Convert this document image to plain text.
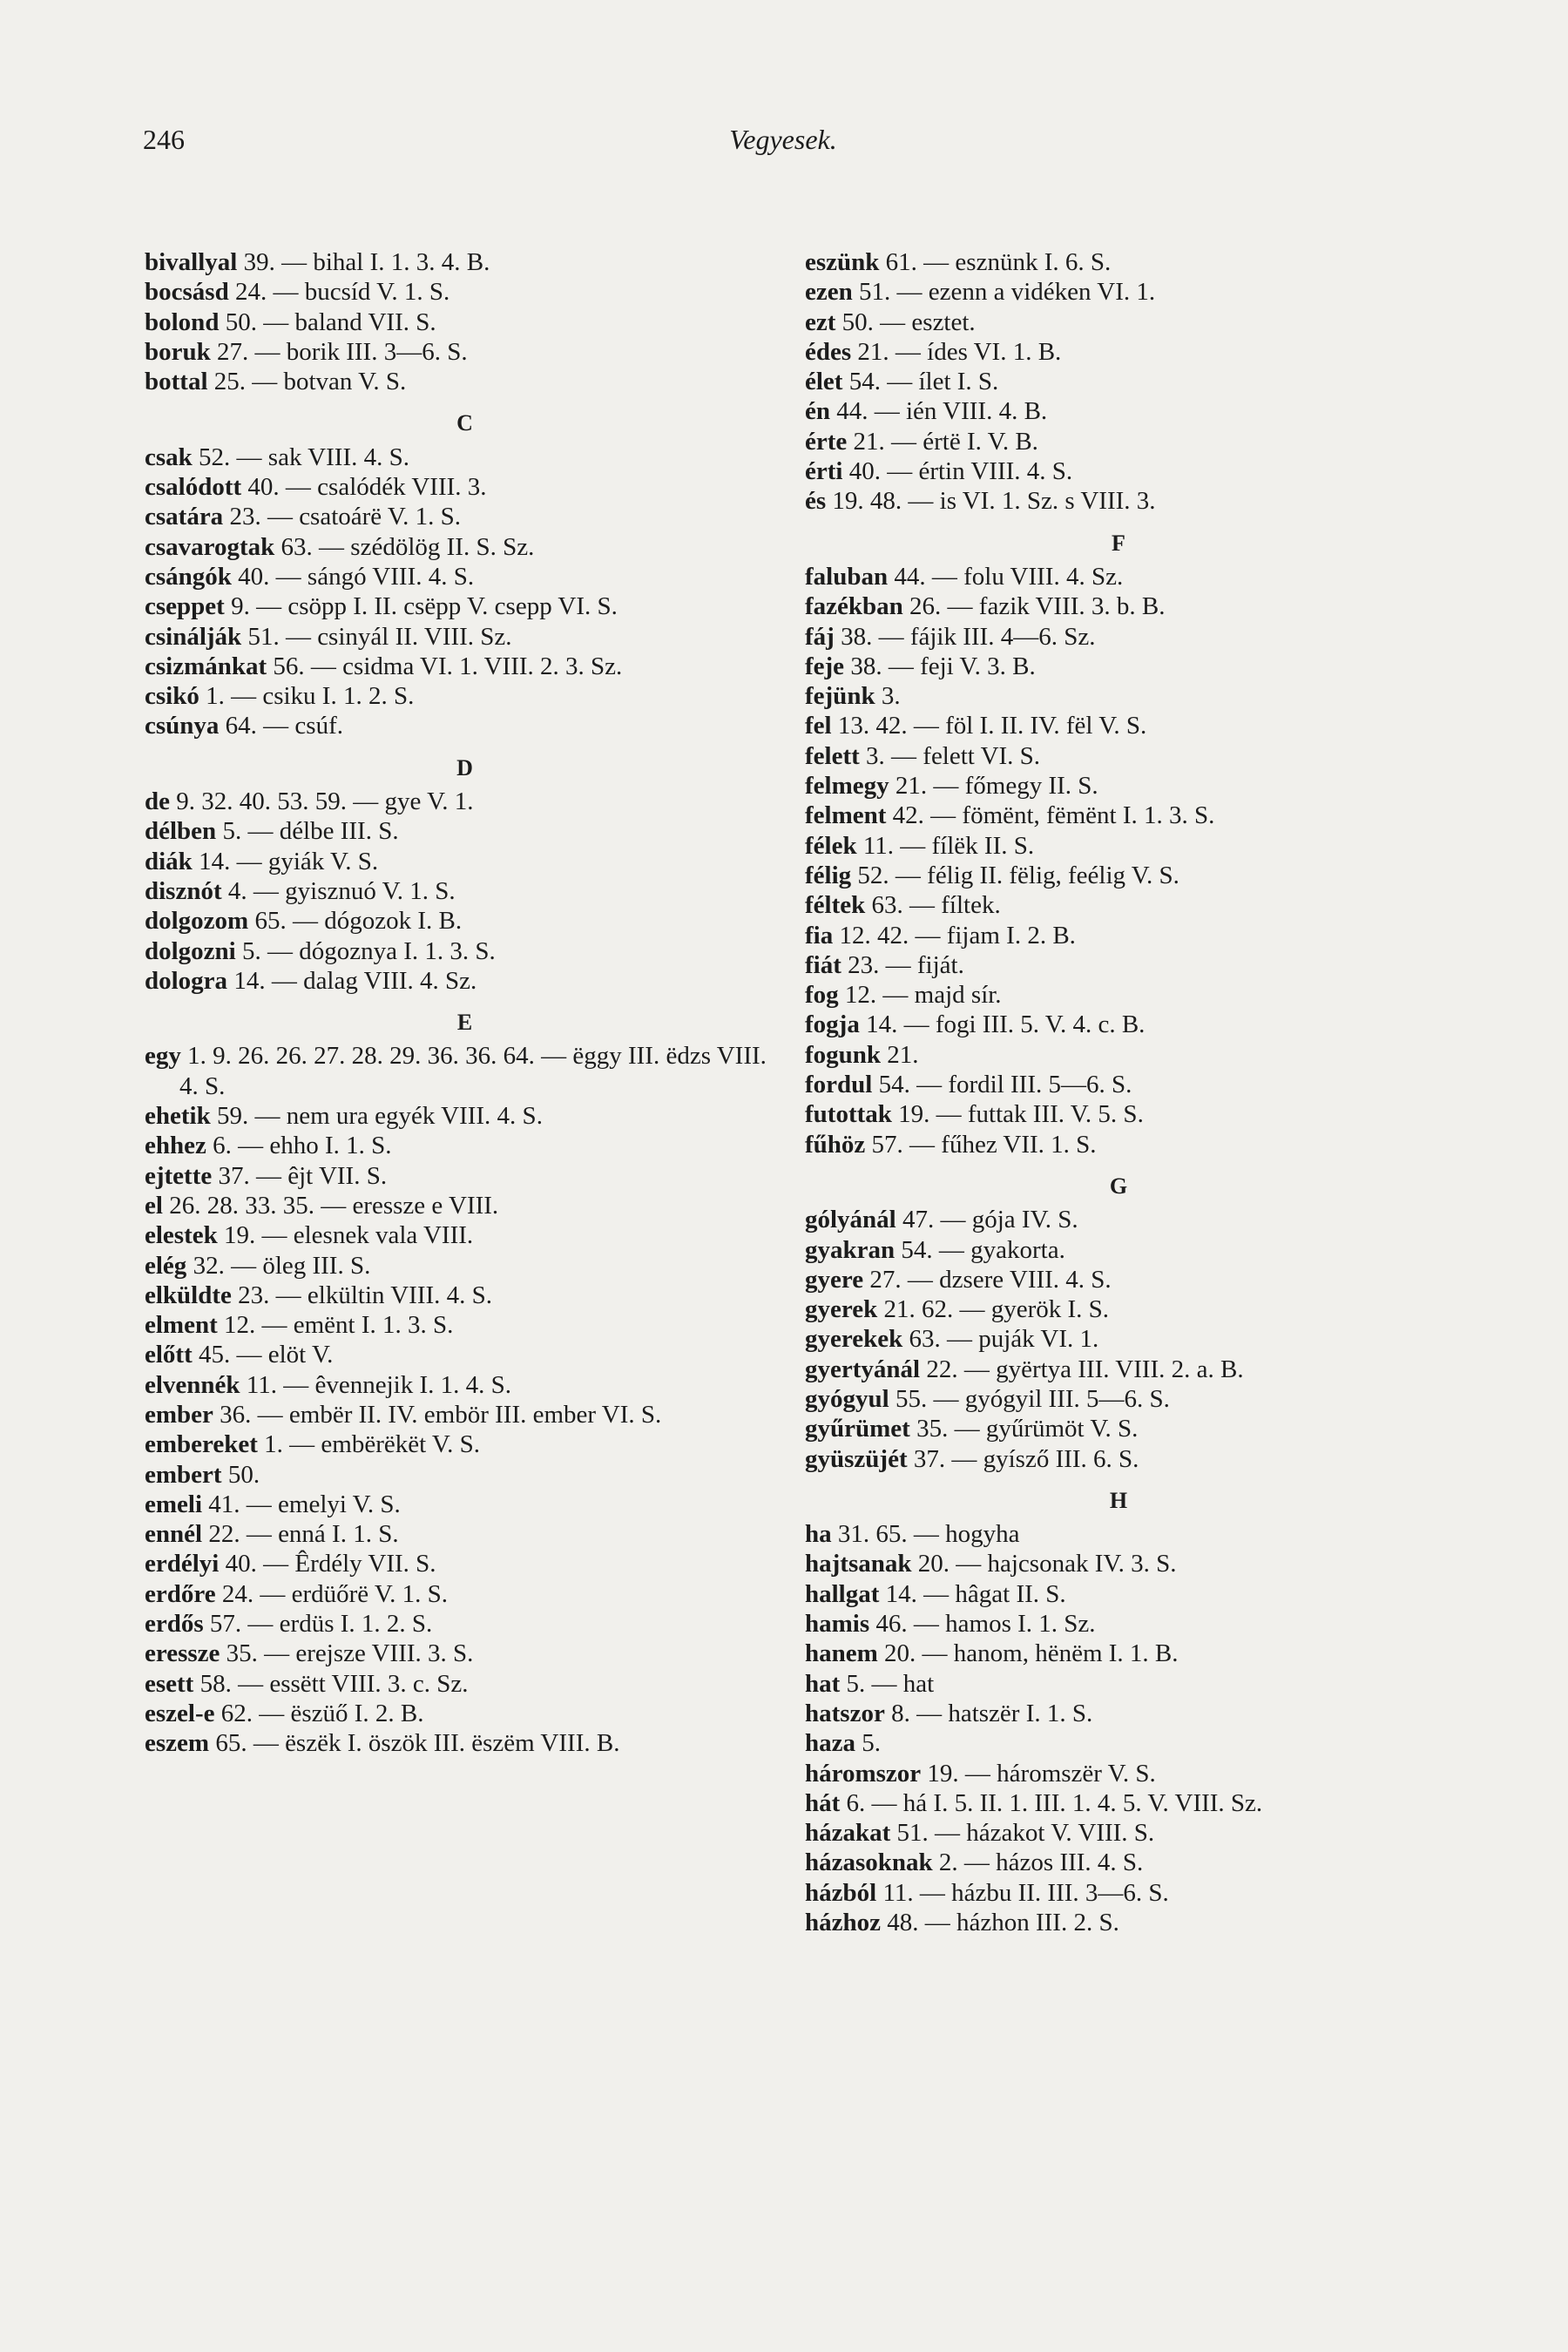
246	Vegyesek.
bivallyal 39. — bihal I. 1. 3. 4. B.
bocsásd 24. — bucsíd V. 1. S.
bolond 50. — baland VII. S.
boruk 27. — borik III. 3—6. S.
bottal 25. — botvan V. S.
C
csak 52. — sak VIII. 4. S.
csalódott 40. — csalódék VIII. 3.
csatára 23. — csatoárë V. 1. S.
csavarogtak 63. — szédölög II. S. Sz.
csángók 40. — sángó VIII. 4. S.
cseppet 9. — csöpp I. II. csëpp V. csepp VI. S.
csinálják 51. — csinyál II. VIII. Sz.
csizmánkat 56. — csidma VI. 1. VIII. 2. 3. Sz.
csikó 1. — csiku I. 1. 2. S.
csúnya 64. — csúf.
D
de 9. 32. 40. 53. 59. — gye V. 1.
délben 5. — délbe III. S.
diák 14. — gyiák V. S.
disznót 4. — gyisznuó V. 1. S.
dolgozom 65. — dógozok I. B.
dolgozni 5. — dógoznya I. 1. 3. S.
dologra 14. — dalag VIII. 4. Sz.
E
egy 1. 9. 26. 26. 27. 28. 29. 36. 36. 64. — ëggy III. ëdzs VIII. 4. S.
ehetik 59. — nem ura egyék VIII. 4. S.
ehhez 6. — ehho I. 1. S.
ejtette 37. — êjt VII. S.
el 26. 28. 33. 35. — eressze e VIII.
elestek 19. — elesnek vala VIII.
elég 32. — öleg III. S.
elküldte 23. — elkültin VIII. 4. S.
elment 12. — emënt I. 1. 3. S.
előtt 45. — elöt V.
elvennék 11. — êvennejik I. 1. 4. S.
ember 36. — embër II. IV. embör III. ember VI. S.
embereket 1. — embërëkët V. S.
embert 50.
emeli 41. — emelyi V. S.
ennél 22. — enná I. 1. S.
erdélyi 40. — Êrdély VII. S.
erdőre 24. — erdüőrë V. 1. S.
erdős 57. — erdüs I. 1. 2. S.
eressze 35. — erejsze VIII. 3. S.
esett 58. — essëtt VIII. 3. c. Sz.
eszel-e 62. — ëszüő I. 2. B.
eszem 65. — ëszëk I. öszök III. ëszëm VIII. B.
eszünk 61. — esznünk I. 6. S.
ezen 51. — ezenn a vidéken VI. 1.
ezt 50. — esztet.
édes 21. — ídes VI. 1. B.
élet 54. — ílet I. S.
én 44. — ién VIII. 4. B.
érte 21. — értë I. V. B.
érti 40. — értin VIII. 4. S.
és 19. 48. — is VI. 1. Sz. s VIII. 3.
F
faluban 44. — folu VIII. 4. Sz.
fazékban 26. — fazik VIII. 3. b. B.
fáj 38. — fájik III. 4—6. Sz.
feje 38. — feji V. 3. B.
fejünk 3.
fel 13. 42. — föl I. II. IV. fël V. S.
felett 3. — felett VI. S.
felmegy 21. — főmegy II. S.
felment 42. — fömënt, fëmënt I. 1. 3. S.
félek 11. — fílëk II. S.
félig 52. — félig II. fëlig, feélig V. S.
féltek 63. — fíltek.
fia 12. 42. — fijam I. 2. B.
fiát 23. — fiját.
fog 12. — majd sír.
fogja 14. — fogi III. 5. V. 4. c. B.
fogunk 21.
fordul 54. — fordil III. 5—6. S.
futottak 19. — futtak III. V. 5. S.
fűhöz 57. — fűhez VII. 1. S.
G
gólyánál 47. — gója IV. S.
gyakran 54. — gyakorta.
gyere 27. — dzsere VIII. 4. S.
gyerek 21. 62. — gyerök I. S.
gyerekek 63. — puják VI. 1.
gyertyánál 22. — gyërtya III. VIII. 2. a. B.
gyógyul 55. — gyógyil III. 5—6. S.
gyűrümet 35. — gyűrümöt V. S.
gyüszüjét 37. — gyísző III. 6. S.
H
ha 31. 65. — hogyha
hajtsanak 20. — hajcsonak IV. 3. S.
hallgat 14. — hâgat II. S.
hamis 46. — hamos I. 1. Sz.
hanem 20. — hanom, hënëm I. 1. B.
hat 5. — hat
hatszor 8. — hatszër I. 1. S.
haza 5.
háromszor 19. — háromszër V. S.
hát 6. — há I. 5. II. 1. III. 1. 4. 5. V. VIII. Sz.
házakat 51. — házakot V. VIII. S.
házasoknak 2. — házos III. 4. S.
házból 11. — házbu II. III. 3—6. S.
házhoz 48. — házhon III. 2. S.
